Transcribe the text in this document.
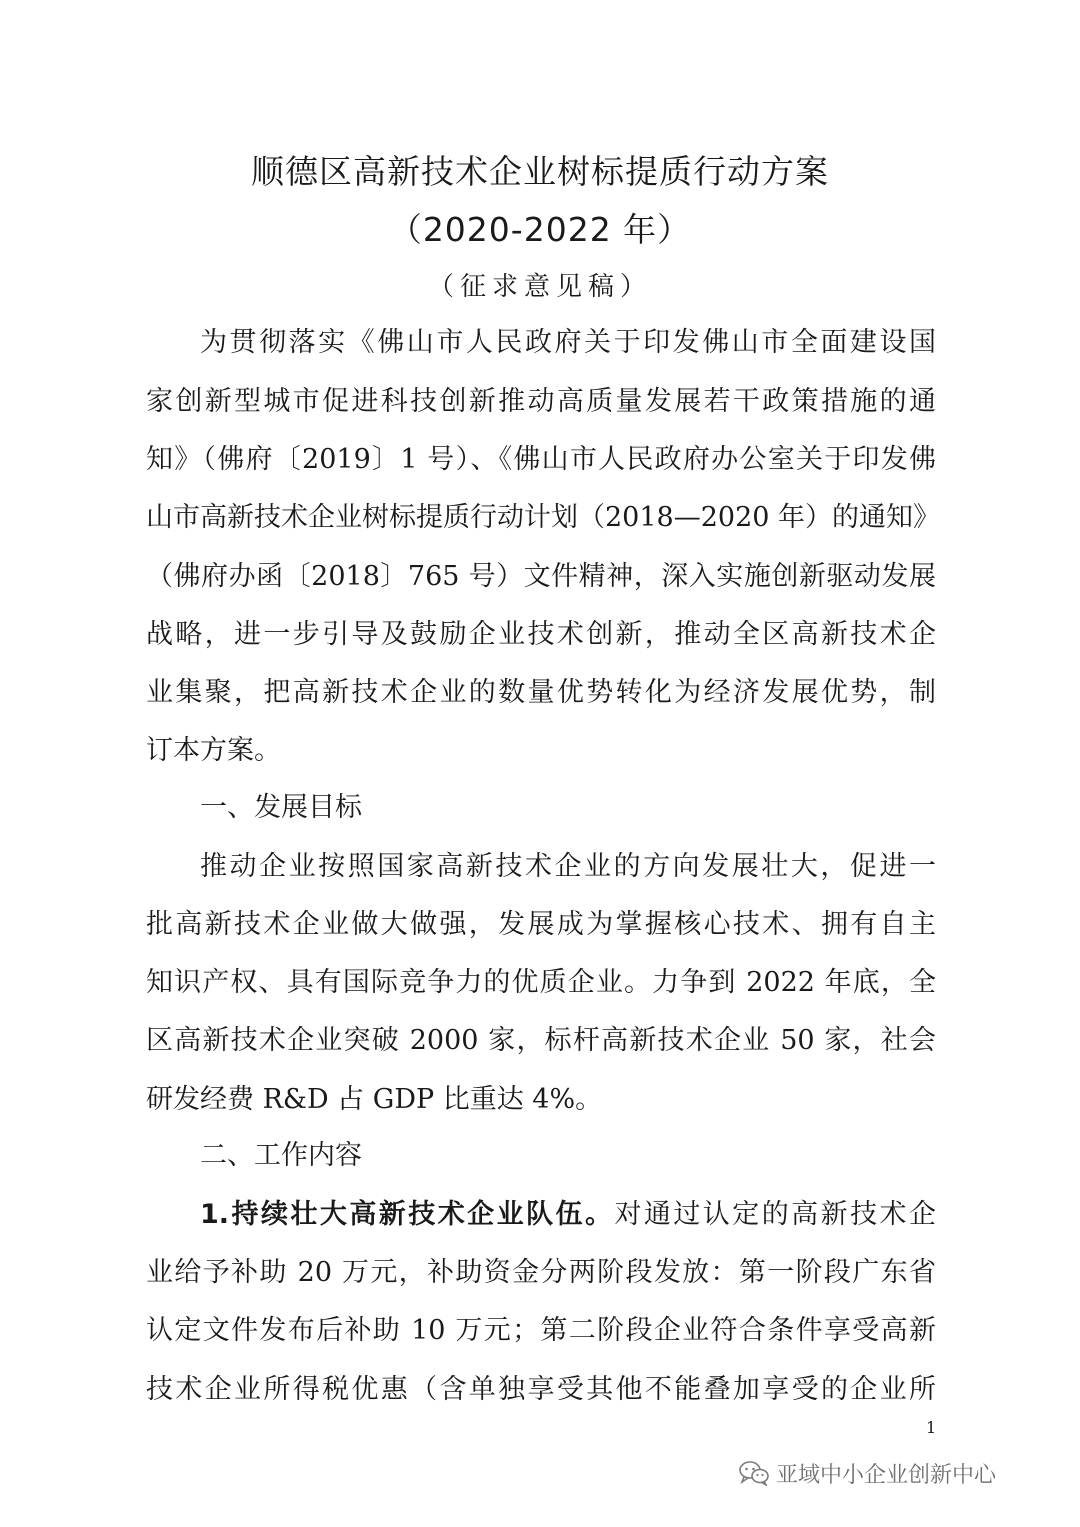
顺德区高新技术企业树标提质行动方案
（2020-2022 年）
（征求意见稿）
为贯彻落实《佛山市人民政府关于印发佛山市全面建设国
家创新型城市促进科技创新推动高质量发展若干政策措施的通
知》（佛府〔2019〕1 号）、《佛山市人民政府办公室关于印发佛
山市高新技术企业树标提质行动计划（2018—2020 年）的通知》
（佛府办函〔2018〕765 号）文件精神，深入实施创新驱动发展
战略，进一步引导及鼓励企业技术创新，推动全区高新技术企
业集聚，把高新技术企业的数量优势转化为经济发展优势，制
订本方案。
一、发展目标
推动企业按照国家高新技术企业的方向发展壮大，促进一
批高新技术企业做大做强，发展成为掌握核心技术、拥有自主
知识产权、具有国际竞争力的优质企业。力争到 2022 年底，全
区高新技术企业突破 2000 家，标杆高新技术企业 50 家，社会
研发经费 R&D 占 GDP 比重达 4%。
二、工作内容
1.持续壮大高新技术企业队伍。对通过认定的高新技术企
业给予补助 20 万元，补助资金分两阶段发放：第一阶段广东省
认定文件发布后补助 10 万元；第二阶段企业符合条件享受高新
技术企业所得税优惠（含单独享受其他不能叠加享受的企业所
1
亚域中小企业创新中心
